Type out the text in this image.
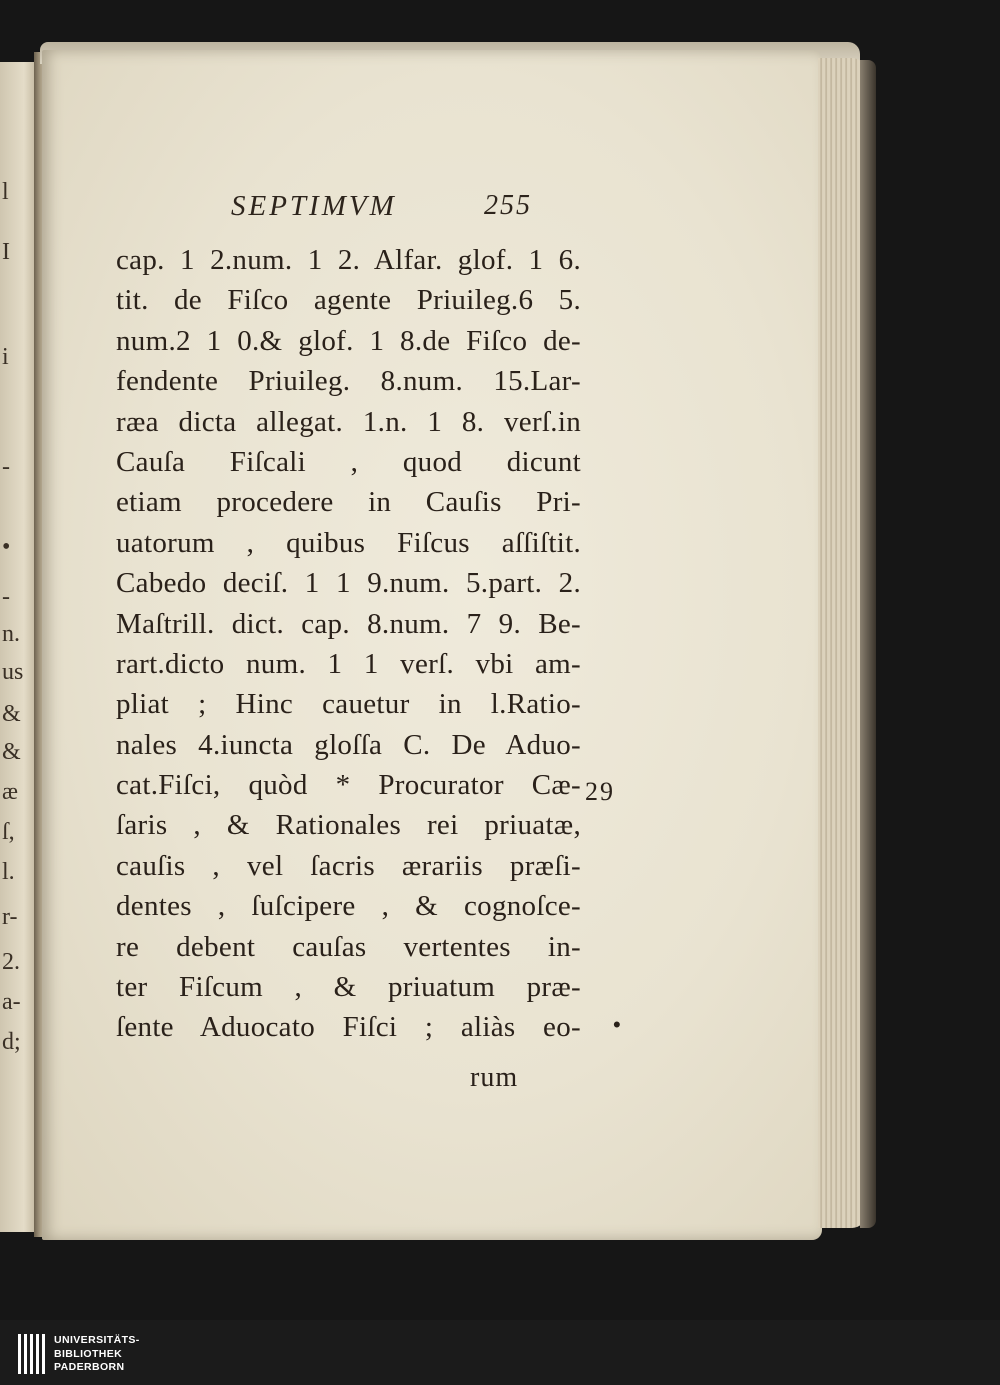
l
I
i
-
•
-
n.
us
&
&
æ
ſ,
l.
r-
2.
a-
d;
SEPTIMVM	255
cap. 1 2.num. 1 2. Alfar. glof. 1 6.
tit. de Fiſco agente Priuileg.6 5.
num.2 1 0.& glof. 1 8.de Fiſco de-
fendente Priuileg. 8.num. 15.Lar-
ræa dicta allegat. 1.n. 1 8. verſ.in
Cauſa Fiſcali , quod dicunt
etiam procedere in Cauſis Pri-
uatorum , quibus Fiſcus aſſiſtit.
Cabedo deciſ. 1 1 9.num. 5.part. 2.
Maſtrill. dict. cap. 8.num. 7 9. Be-
rart.dicto num. 1 1 verſ. vbi am-
pliat ; Hinc cauetur in l.Ratio-
nales 4.iuncta gloſſa C. De Aduo-
cat.Fiſci, quòd * Procurator Cæ-
ſaris , & Rationales rei priuatæ,
cauſis , vel ſacris ærariis præſi-
dentes , ſuſcipere , & cognoſce-
re debent cauſas vertentes in-
ter Fiſcum , & priuatum præ-
ſente Aduocato Fiſci ; aliàs eo-
29
•
rum
UNIVERSITÄTS-
BIBLIOTHEK
PADERBORN
